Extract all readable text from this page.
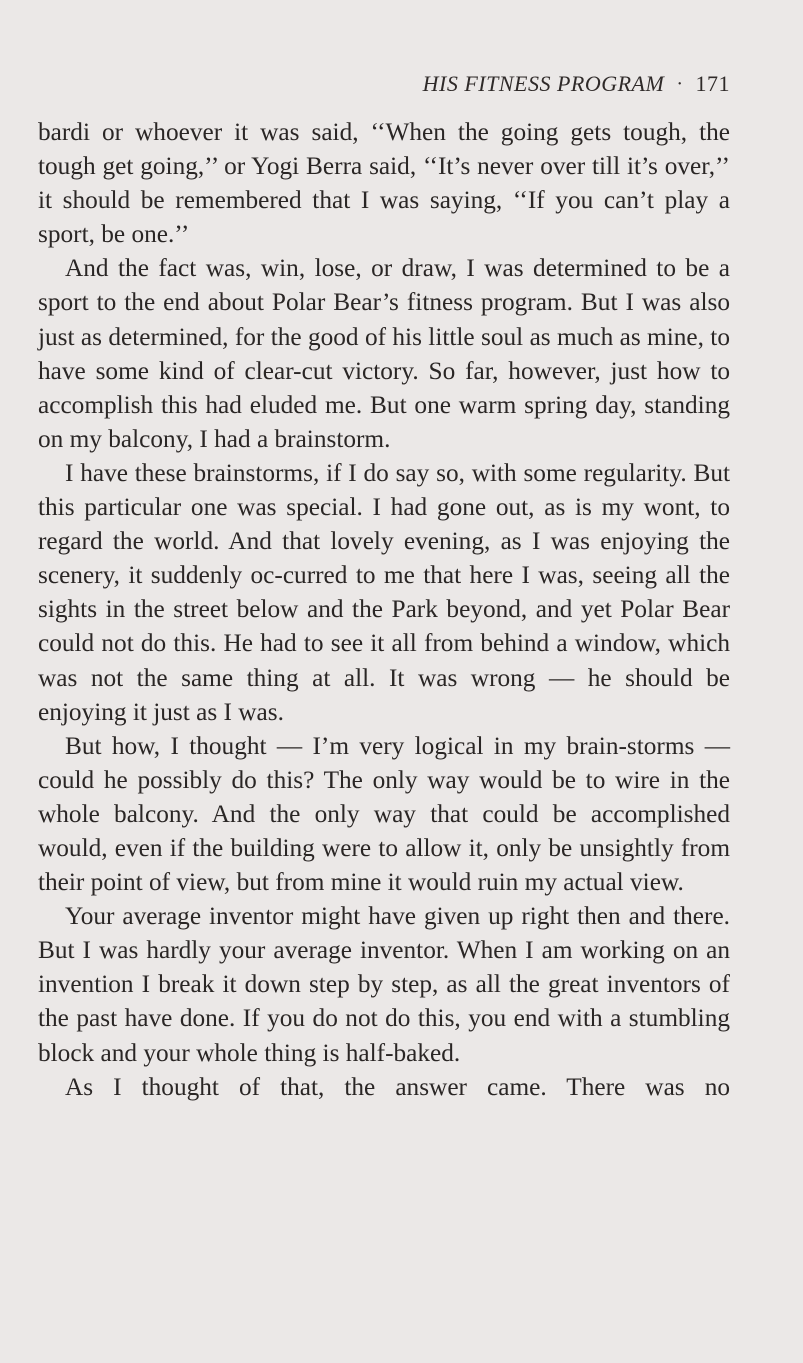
HIS FITNESS PROGRAM · 171

bardi or whoever it was said, ‘‘When the going gets tough, the tough get going,’’ or Yogi Berra said, ‘‘It’s never over till it’s over,’’ it should be remembered that I was saying, ‘‘If you can’t play a sport, be one.’’

And the fact was, win, lose, or draw, I was determined to be a sport to the end about Polar Bear’s fitness program. But I was also just as determined, for the good of his little soul as much as mine, to have some kind of clear-cut victory. So far, however, just how to accomplish this had eluded me. But one warm spring day, standing on my balcony, I had a brainstorm.

I have these brainstorms, if I do say so, with some regularity. But this particular one was special. I had gone out, as is my wont, to regard the world. And that lovely evening, as I was enjoying the scenery, it suddenly oc-curred to me that here I was, seeing all the sights in the street below and the Park beyond, and yet Polar Bear could not do this. He had to see it all from behind a window, which was not the same thing at all. It was wrong — he should be enjoying it just as I was.

But how, I thought — I’m very logical in my brain-storms — could he possibly do this? The only way would be to wire in the whole balcony. And the only way that could be accomplished would, even if the building were to allow it, only be unsightly from their point of view, but from mine it would ruin my actual view.

Your average inventor might have given up right then and there. But I was hardly your average inventor. When I am working on an invention I break it down step by step, as all the great inventors of the past have done. If you do not do this, you end with a stumbling block and your whole thing is half-baked.

As I thought of that, the answer came. There was no
